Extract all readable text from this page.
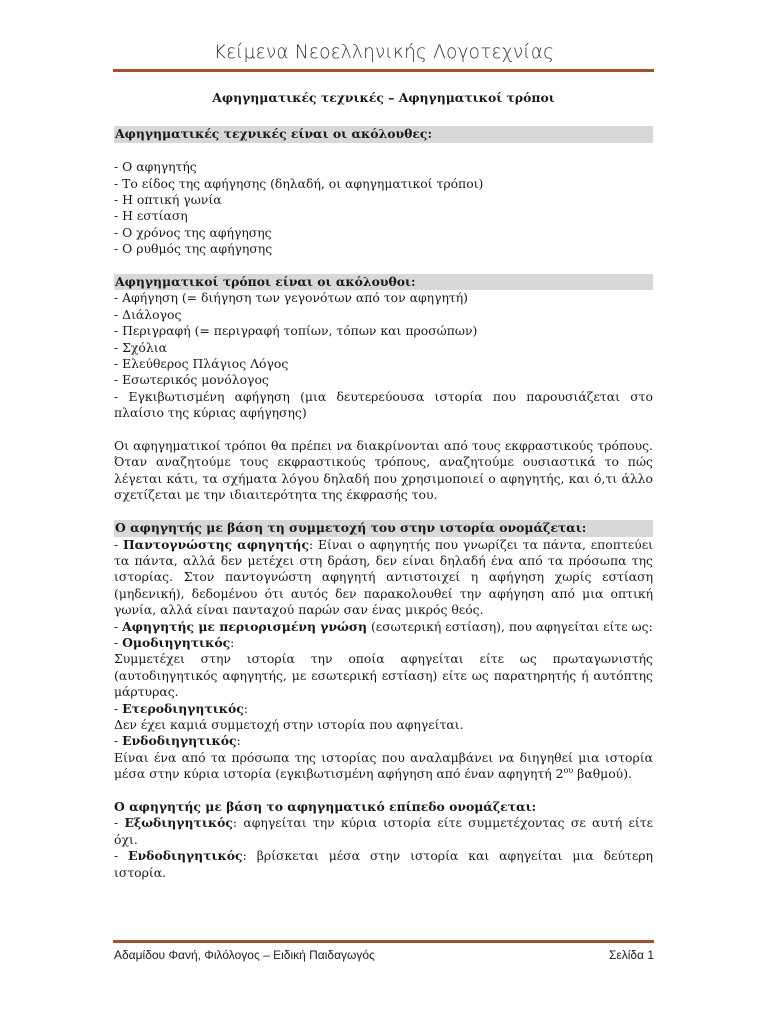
Κείμενα Νεοελληνικής Λογοτεχνίας

Αφηγηματικές τεχνικές – Αφηγηματικοί τρόποι

Αφηγηματικές τεχνικές είναι οι ακόλουθες:
- Ο αφηγητής
- Το είδος της αφήγησης (δηλαδή, οι αφηγηματικοί τρόποι)
- Η οπτική γωνία
- Η εστίαση
- Ο χρόνος της αφήγησης
- Ο ρυθμός της αφήγησης
Αφηγηματικοί τρόποι είναι οι ακόλουθοι:
- Αφήγηση (= διήγηση των γεγονότων από τον αφηγητή)
- Διάλογος
- Περιγραφή (= περιγραφή τοπίων, τόπων και προσώπων)
- Σχόλια
- Ελεύθερος Πλάγιος Λόγος
- Εσωτερικός μονόλογος
- Εγκιβωτισμένη αφήγηση (μια δευτερεύουσα ιστορία που παρουσιάζεται στο πλαίσιο της κύριας αφήγησης)

Οι αφηγηματικοί τρόποι θα πρέπει να διακρίνονται από τους εκφραστικούς τρόπους. Όταν αναζητούμε τους εκφραστικούς τρόπους, αναζητούμε ουσιαστικά το πώς λέγεται κάτι, τα σχήματα λόγου δηλαδή που χρησιμοποιεί ο αφηγητής, και ό,τι άλλο σχετίζεται με την ιδιαιτερότητα της έκφρασής του.

Ο αφηγητής με βάση τη συμμετοχή του στην ιστορία ονομάζεται:

- Παντογνώστης αφηγητής: Είναι ο αφηγητής που γνωρίζει τα πάντα, εποπτεύει τα πάντα, αλλά δεν μετέχει στη δράση, δεν είναι δηλαδή ένα από τα πρόσωπα της ιστορίας. Στον παντογνώστη αφηγητή αντιστοιχεί η αφήγηση χωρίς εστίαση (μηδενική), δεδομένου ότι αυτός δεν παρακολουθεί την αφήγηση από μια οπτική γωνία, αλλά είναι πανταχού παρών σαν ένας μικρός θεός.

- Αφηγητής με περιορισμένη γνώση (εσωτερική εστίαση), που αφηγείται είτε ως:

- Ομοδιηγητικός:

Συμμετέχει στην ιστορία την οποία αφηγείται είτε ως πρωταγωνιστής (αυτοδιηγητικός αφηγητής, με εσωτερική εστίαση) είτε ως παρατηρητής ή αυτόπτης μάρτυρας.

- Ετεροδιηγητικός:

Δεν έχει καμιά συμμετοχή στην ιστορία που αφηγείται.

- Ενδοδιηγητικός:

Είναι ένα από τα πρόσωπα της ιστορίας που αναλαμβάνει να διηγηθεί μια ιστορία μέσα στην κύρια ιστορία (εγκιβωτισμένη αφήγηση από έναν αφηγητή $2^{o\upsilon}$ βαθμού).

Ο αφηγητής με βάση το αφηγηματικό επίπεδο ονομάζεται:

- Εξωδιηγητικός: αφηγείται την κύρια ιστορία είτε συμμετέχοντας σε αυτή είτε όχι.

- Ενδοδιηγητικός: βρίσκεται μέσα στην ιστορία και αφηγείται μια δεύτερη ιστορία.

Αδαμίδου Φανή, Φιλόλογος – Ειδική Παιδαγωγός	Σελίδα 1
